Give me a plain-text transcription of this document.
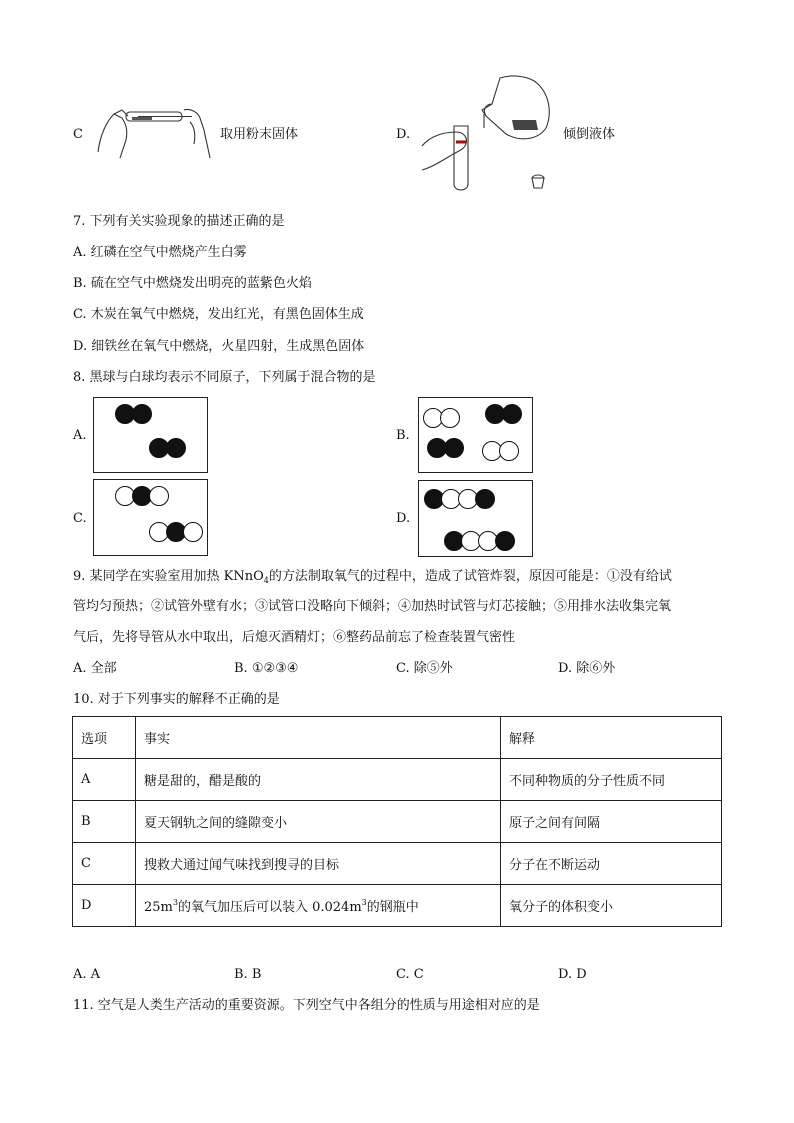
C	取用粉末固体	D.	倾倒液体
7. 下列有关实验现象的描述正确的是
A. 红磷在空气中燃烧产生白雾
B. 硫在空气中燃烧发出明亮的蓝紫色火焰
C. 木炭在氧气中燃烧，发出红光，有黑色固体生成
D. 细铁丝在氧气中燃烧，火星四射，生成黑色固体
8. 黑球与白球均表示不同原子，下列属于混合物的是
A.	B.
C.	D.
9. 某同学在实验室用加热 KNnO$_4$的方法制取氧气的过程中，造成了试管炸裂，原因可能是：①没有给试
管均匀预热；②试管外壁有水；③试管口没略向下倾斜；④加热时试管与灯芯接触；⑤用排水法收集完氧
气后，先将导管从水中取出，后熄灭酒精灯；⑥整药品前忘了检查装置气密性
A. 全部	B. ①②③④	C. 除⑤外	D. 除⑥外
10. 对于下列事实的解释不正确的是
选项	事实	解释
A	糖是甜的，醋是酸的	不同种物质的分子性质不同
B	夏天钢轨之间的缝隙变小	原子之间有间隔
C	搜救犬通过闻气味找到搜寻的目标	分子在不断运动
D	$25m^3$的氧气加压后可以装入 $0.024m^3$的钢瓶中	氧分子的体积变小
A. A	B. B	C. C	D. D
11. 空气是人类生产活动的重要资源。下列空气中各组分的性质与用途相对应的是
